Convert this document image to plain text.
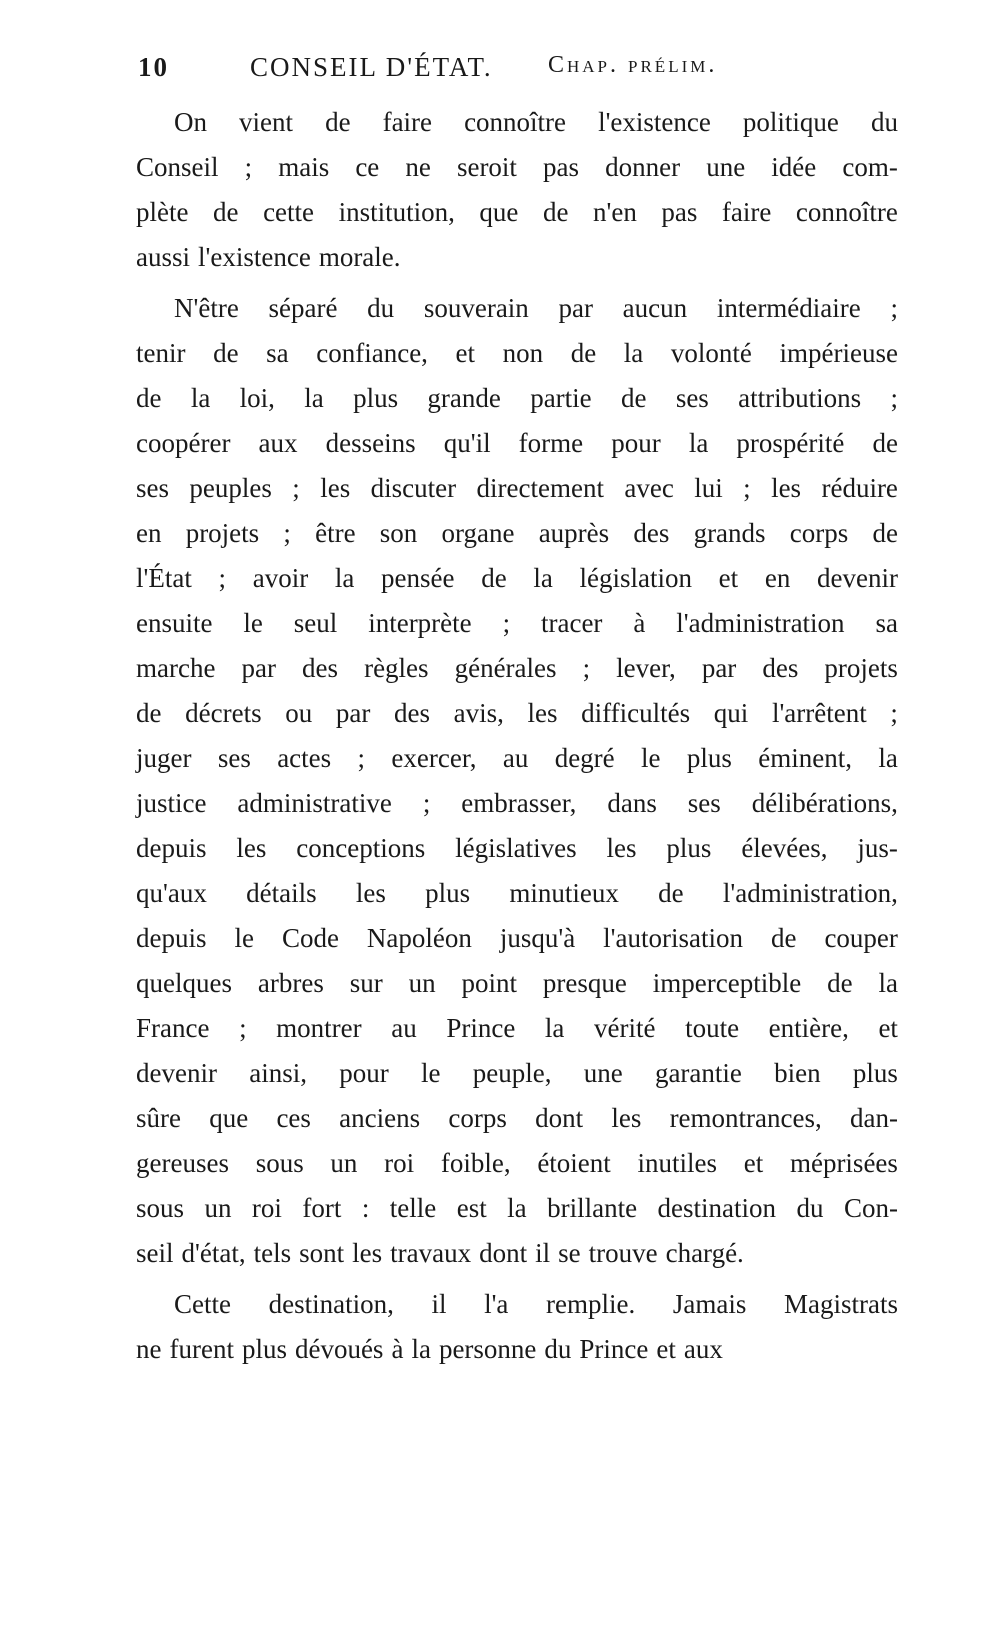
10	CONSEIL D'ÉTAT. Chap. prélim.
On vient de faire connoître l'existence politique du
Conseil ; mais ce ne seroit pas donner une idée com-
plète de cette institution, que de n'en pas faire connoître
aussi l'existence morale.
N'être séparé du souverain par aucun intermédiaire ;
tenir de sa confiance, et non de la volonté impérieuse
de la loi, la plus grande partie de ses attributions ;
coopérer aux desseins qu'il forme pour la prospérité de
ses peuples ; les discuter directement avec lui ; les réduire
en projets ; être son organe auprès des grands corps de
l'État ; avoir la pensée de la législation et en devenir
ensuite le seul interprète ; tracer à l'administration sa
marche par des règles générales ; lever, par des projets
de décrets ou par des avis, les difficultés qui l'arrêtent ;
juger ses actes ; exercer, au degré le plus éminent, la
justice administrative ; embrasser, dans ses délibérations,
depuis les conceptions législatives les plus élevées, jus-
qu'aux détails les plus minutieux de l'administration,
depuis le Code Napoléon jusqu'à l'autorisation de couper
quelques arbres sur un point presque imperceptible de la
France ; montrer au Prince la vérité toute entière, et
devenir ainsi, pour le peuple, une garantie bien plus
sûre que ces anciens corps dont les remontrances, dan-
gereuses sous un roi foible, étoient inutiles et méprisées
sous un roi fort : telle est la brillante destination du Con-
seil d'état, tels sont les travaux dont il se trouve chargé.
Cette destination, il l'a remplie. Jamais Magistrats
ne furent plus dévoués à la personne du Prince et aux
